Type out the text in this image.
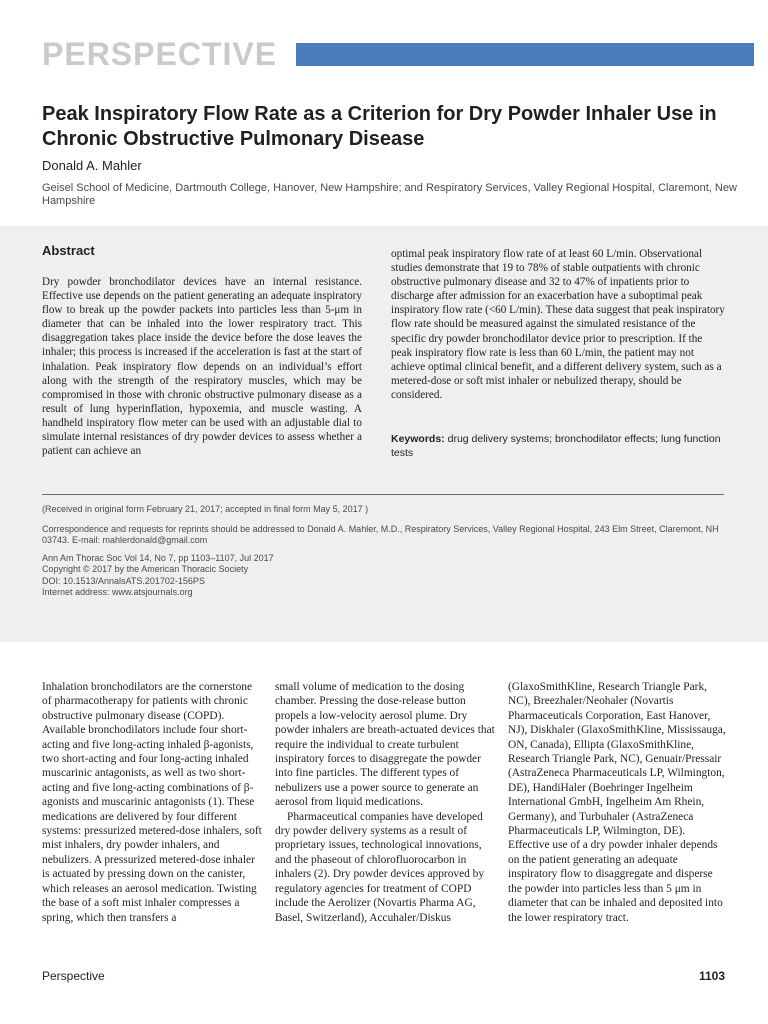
PERSPECTIVE
Peak Inspiratory Flow Rate as a Criterion for Dry Powder Inhaler Use in Chronic Obstructive Pulmonary Disease
Donald A. Mahler
Geisel School of Medicine, Dartmouth College, Hanover, New Hampshire; and Respiratory Services, Valley Regional Hospital, Claremont, New Hampshire
Abstract
Dry powder bronchodilator devices have an internal resistance. Effective use depends on the patient generating an adequate inspiratory flow to break up the powder packets into particles less than 5-μm in diameter that can be inhaled into the lower respiratory tract. This disaggregation takes place inside the device before the dose leaves the inhaler; this process is increased if the acceleration is fast at the start of inhalation. Peak inspiratory flow depends on an individual’s effort along with the strength of the respiratory muscles, which may be compromised in those with chronic obstructive pulmonary disease as a result of lung hyperinflation, hypoxemia, and muscle wasting. A handheld inspiratory flow meter can be used with an adjustable dial to simulate internal resistances of dry powder devices to assess whether a patient can achieve an
optimal peak inspiratory flow rate of at least 60 L/min. Observational studies demonstrate that 19 to 78% of stable outpatients with chronic obstructive pulmonary disease and 32 to 47% of inpatients prior to discharge after admission for an exacerbation have a suboptimal peak inspiratory flow rate (<60 L/min). These data suggest that peak inspiratory flow rate should be measured against the simulated resistance of the specific dry powder bronchodilator device prior to prescription. If the peak inspiratory flow rate is less than 60 L/min, the patient may not achieve optimal clinical benefit, and a different delivery system, such as a metered-dose or soft mist inhaler or nebulized therapy, should be considered.
Keywords: drug delivery systems; bronchodilator effects; lung function tests
(Received in original form February 21, 2017; accepted in final form May 5, 2017 )
Correspondence and requests for reprints should be addressed to Donald A. Mahler, M.D., Respiratory Services, Valley Regional Hospital, 243 Elm Street, Claremont, NH 03743. E-mail: mahlerdonald@gmail.com
Ann Am Thorac Soc Vol 14, No 7, pp 1103–1107, Jul 2017
Copyright © 2017 by the American Thoracic Society
DOI: 10.1513/AnnalsATS.201702-156PS
Internet address: www.atsjournals.org

Inhalation bronchodilators are the cornerstone of pharmacotherapy for patients with chronic obstructive pulmonary disease (COPD). Available bronchodilators include four short-acting and five long-acting inhaled β-agonists, two short-acting and four long-acting inhaled muscarinic antagonists, as well as two short-acting and five long-acting combinations of β-agonists and muscarinic antagonists (1). These medications are delivered by four different systems: pressurized metered-dose inhalers, soft mist inhalers, dry powder inhalers, and nebulizers. A pressurized metered-dose inhaler is actuated by pressing down on the canister, which releases an aerosol medication. Twisting the base of a soft mist inhaler compresses a spring, which then transfers a

small volume of medication to the dosing chamber. Pressing the dose-release button propels a low-velocity aerosol plume. Dry powder inhalers are breath-actuated devices that require the individual to create turbulent inspiratory forces to disaggregate the powder into fine particles. The different types of nebulizers use a power source to generate an aerosol from liquid medications.

Pharmaceutical companies have developed dry powder delivery systems as a result of proprietary issues, technological innovations, and the phaseout of chlorofluorocarbon in inhalers (2). Dry powder devices approved by regulatory agencies for treatment of COPD include the Aerolizer (Novartis Pharma AG, Basel, Switzerland), Accuhaler/Diskus

(GlaxoSmithKline, Research Triangle Park, NC), Breezhaler/Neohaler (Novartis Pharmaceuticals Corporation, East Hanover, NJ), Diskhaler (GlaxoSmithKline, Mississauga, ON, Canada), Ellipta (GlaxoSmithKline, Research Triangle Park, NC), Genuair/Pressair (AstraZeneca Pharmaceuticals LP, Wilmington, DE), HandiHaler (Boehringer Ingelheim International GmbH, Ingelheim Am Rhein, Germany), and Turbuhaler (AstraZeneca Pharmaceuticals LP, Wilmington, DE). Effective use of a dry powder inhaler depends on the patient generating an adequate inspiratory flow to disaggregate and disperse the powder into particles less than 5 μm in diameter that can be inhaled and deposited into the lower respiratory tract.

Perspective	1103
